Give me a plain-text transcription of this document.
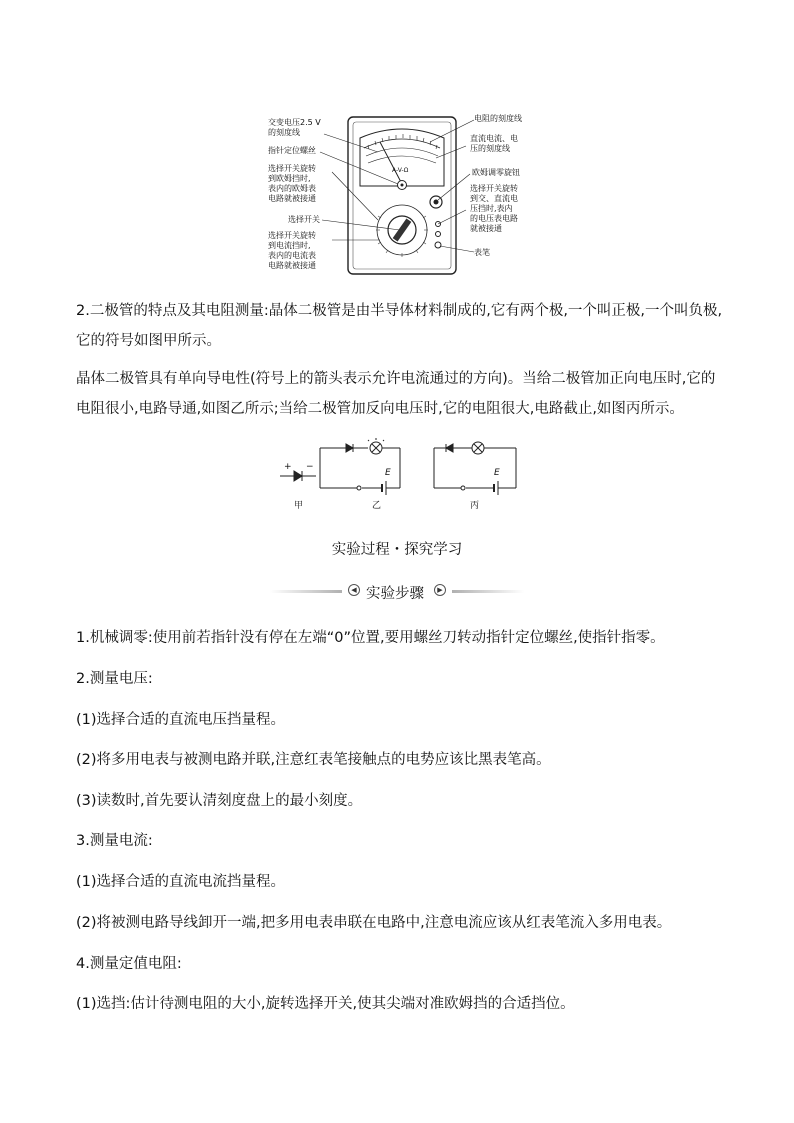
A-V-Ω
交变电压2.5 V
的刻度线
指针定位螺丝
选择开关旋转
到欧姆挡时,
表内的欧姆表
电路就被接通
选择开关
选择开关旋转
到电流挡时,
表内的电流表
电路就被接通
电阻的刻度线
直流电流、电
压的刻度线
欧姆调零旋钮
选择开关旋转
到交、直流电
压挡时,表内
的电压表电路
就被接通
表笔
2.二极管的特点及其电阻测量:晶体二极管是由半导体材料制成的,它有两个极,一个叫正极,一个叫负极,它的符号如图甲所示。
晶体二极管具有单向导电性(符号上的箭头表示允许电流通过的方向)。当给二极管加正向电压时,它的电阻很小,电路导通,如图乙所示;当给二极管加反向电压时,它的电阻很大,电路截止,如图丙所示。
+ −
E	E
甲	乙	丙
实验过程・探究学习
◀ 实验步骤	▶
1.机械调零:使用前若指针没有停在左端“0”位置,要用螺丝刀转动指针定位螺丝,使指针指零。
2.测量电压:
(1)选择合适的直流电压挡量程。
(2)将多用电表与被测电路并联,注意红表笔接触点的电势应该比黑表笔高。
(3)读数时,首先要认清刻度盘上的最小刻度。
3.测量电流:
(1)选择合适的直流电流挡量程。
(2)将被测电路导线卸开一端,把多用电表串联在电路中,注意电流应该从红表笔流入多用电表。
4.测量定值电阻:
(1)选挡:估计待测电阻的大小,旋转选择开关,使其尖端对准欧姆挡的合适挡位。
